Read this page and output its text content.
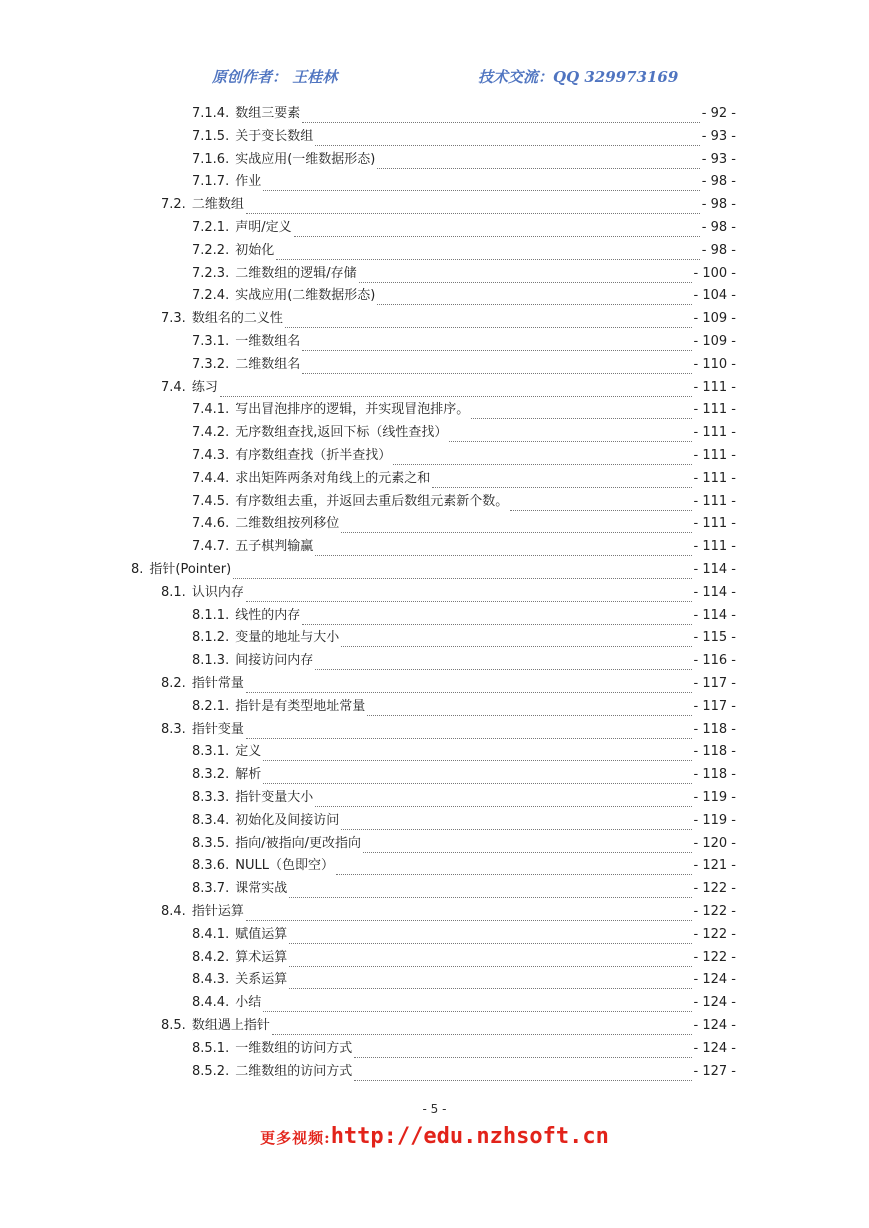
原创作者： 王桂林	技术交流：QQ 329973169
7.1.4. 数组三要素	- 92 -
7.1.5. 关于变长数组	- 93 -
7.1.6. 实战应用(一维数据形态)	- 93 -
7.1.7. 作业	- 98 -
7.2. 二维数组	- 98 -
7.2.1. 声明/定义	- 98 -
7.2.2. 初始化	- 98 -
7.2.3. 二维数组的逻辑/存储	- 100 -
7.2.4. 实战应用(二维数据形态)	- 104 -
7.3. 数组名的二义性	- 109 -
7.3.1. 一维数组名	- 109 -
7.3.2. 二维数组名	- 110 -
7.4. 练习	- 111 -
7.4.1. 写出冒泡排序的逻辑，并实现冒泡排序。	- 111 -
7.4.2. 无序数组查找,返回下标（线性查找）	- 111 -
7.4.3. 有序数组查找（折半查找）	- 111 -
7.4.4. 求出矩阵两条对角线上的元素之和	- 111 -
7.4.5. 有序数组去重，并返回去重后数组元素新个数。	- 111 -
7.4.6. 二维数组按列移位	- 111 -
7.4.7. 五子棋判输赢	- 111 -
8. 指针(Pointer)	- 114 -
8.1. 认识内存	- 114 -
8.1.1. 线性的内存	- 114 -
8.1.2. 变量的地址与大小	- 115 -
8.1.3. 间接访问内存	- 116 -
8.2. 指针常量	- 117 -
8.2.1. 指针是有类型地址常量	- 117 -
8.3. 指针变量	- 118 -
8.3.1. 定义	- 118 -
8.3.2. 解析	- 118 -
8.3.3. 指针变量大小	- 119 -
8.3.4. 初始化及间接访问	- 119 -
8.3.5. 指向/被指向/更改指向	- 120 -
8.3.6. NULL（色即空）	- 121 -
8.3.7. 课常实战	- 122 -
8.4. 指针运算	- 122 -
8.4.1. 赋值运算	- 122 -
8.4.2. 算术运算	- 122 -
8.4.3. 关系运算	- 124 -
8.4.4. 小结	- 124 -
8.5. 数组遇上指针	- 124 -
8.5.1. 一维数组的访问方式	- 124 -
8.5.2. 二维数组的访问方式	- 127 -
- 5 -
更多视频:http://edu.nzhsoft.cn
